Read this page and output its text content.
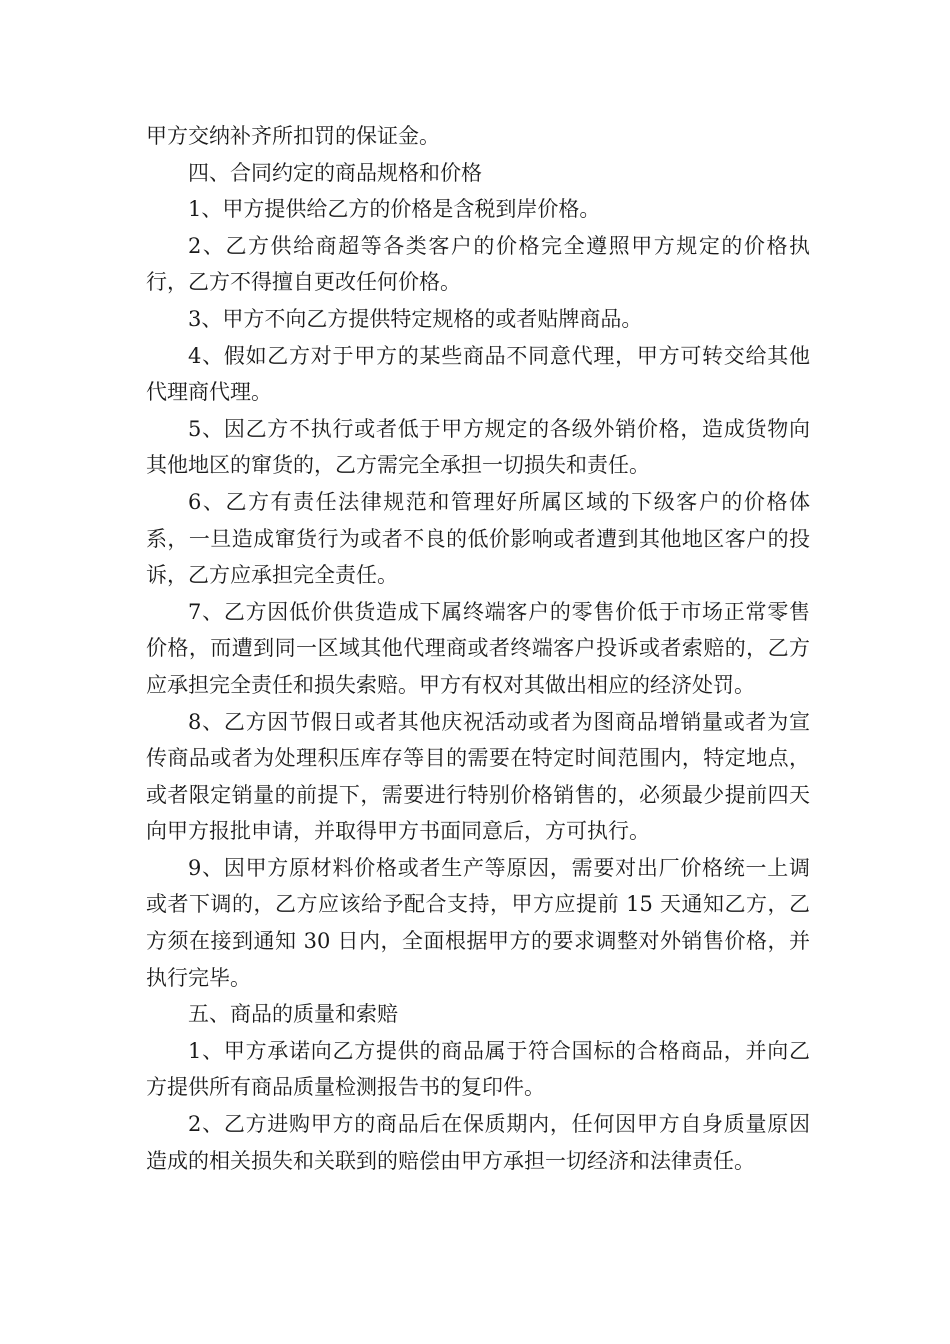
甲方交纳补齐所扣罚的保证金。

四、合同约定的商品规格和价格

1、甲方提供给乙方的价格是含税到岸价格。

2、乙方供给商超等各类客户的价格完全遵照甲方规定的价格执行，乙方不得擅自更改任何价格。

3、甲方不向乙方提供特定规格的或者贴牌商品。

4、假如乙方对于甲方的某些商品不同意代理，甲方可转交给其他代理商代理。

5、因乙方不执行或者低于甲方规定的各级外销价格，造成货物向其他地区的窜货的，乙方需完全承担一切损失和责任。

6、乙方有责任法律规范和管理好所属区域的下级客户的价格体系，一旦造成窜货行为或者不良的低价影响或者遭到其他地区客户的投诉，乙方应承担完全责任。

7、乙方因低价供货造成下属终端客户的零售价低于市场正常零售价格，而遭到同一区域其他代理商或者终端客户投诉或者索赔的，乙方应承担完全责任和损失索赔。甲方有权对其做出相应的经济处罚。

8、乙方因节假日或者其他庆祝活动或者为图商品增销量或者为宣传商品或者为处理积压库存等目的需要在特定时间范围内，特定地点，或者限定销量的前提下，需要进行特别价格销售的，必须最少提前四天向甲方报批申请，并取得甲方书面同意后，方可执行。

9、因甲方原材料价格或者生产等原因，需要对出厂价格统一上调或者下调的，乙方应该给予配合支持，甲方应提前 15 天通知乙方，乙方须在接到通知 30 日内，全面根据甲方的要求调整对外销售价格，并执行完毕。

五、商品的质量和索赔

1、甲方承诺向乙方提供的商品属于符合国标的合格商品，并向乙方提供所有商品质量检测报告书的复印件。

2、乙方进购甲方的商品后在保质期内，任何因甲方自身质量原因造成的相关损失和关联到的赔偿由甲方承担一切经济和法律责任。
